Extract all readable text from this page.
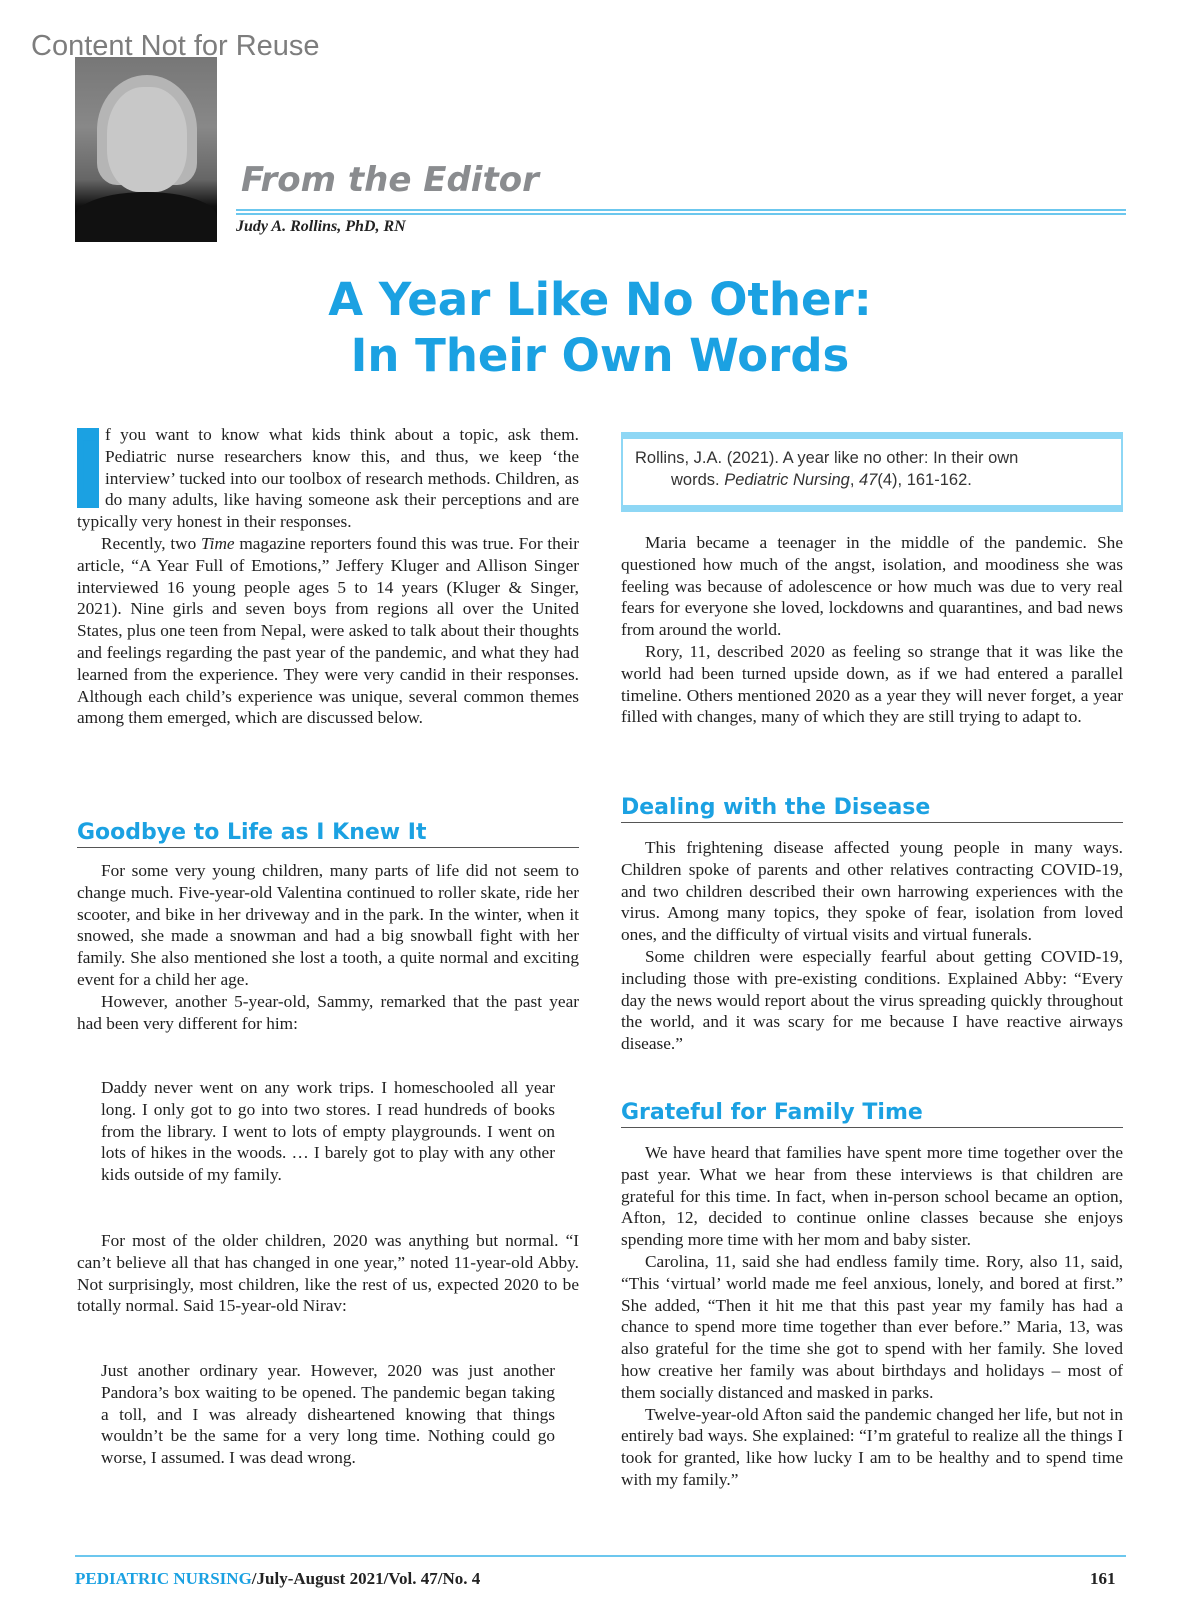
Content Not for Reuse
From the Editor
Judy A. Rollins, PhD, RN
A Year Like No Other:
In Their Own Words
I f you want to know what kids think about a topic, ask them. Pediatric nurse researchers know this, and thus, we keep ‘the interview’ tucked into our toolbox of research methods. Children, as do many adults, like having someone ask their perceptions and are typically very honest in their responses.

Recently, two Time magazine reporters found this was true. For their article, “A Year Full of Emotions,” Jeffery Kluger and Allison Singer interviewed 16 young people ages 5 to 14 years (Kluger & Singer, 2021). Nine girls and seven boys from regions all over the United States, plus one teen from Nepal, were asked to talk about their thoughts and feelings regarding the past year of the pandemic, and what they had learned from the experience. They were very candid in their responses. Although each child’s experience was unique, several common themes among them emerged, which are discussed below.

Goodbye to Life as I Knew It

For some very young children, many parts of life did not seem to change much. Five-year-old Valentina continued to roller skate, ride her scooter, and bike in her driveway and in the park. In the winter, when it snowed, she made a snowman and had a big snowball fight with her family. She also mentioned she lost a tooth, a quite normal and exciting event for a child her age.

However, another 5-year-old, Sammy, remarked that the past year had been very different for him:

Daddy never went on any work trips. I homeschooled all year long. I only got to go into two stores. I read hundreds of books from the library. I went to lots of empty playgrounds. I went on lots of hikes in the woods. … I barely got to play with any other kids outside of my family.

For most of the older children, 2020 was anything but normal. “I can’t believe all that has changed in one year,” noted 11-year-old Abby. Not surprisingly, most children, like the rest of us, expected 2020 to be totally normal. Said 15-year-old Nirav:

Just another ordinary year. However, 2020 was just another Pandora’s box waiting to be opened. The pandemic began taking a toll, and I was already disheartened knowing that things wouldn’t be the same for a very long time. Nothing could go worse, I assumed. I was dead wrong.

Rollins, J.A. (2021). A year like no other: In their own
words. Pediatric Nursing, 47(4), 161-162.

Maria became a teenager in the middle of the pandemic. She questioned how much of the angst, isolation, and moodiness she was feeling was because of adolescence or how much was due to very real fears for everyone she loved, lockdowns and quarantines, and bad news from around the world.

Rory, 11, described 2020 as feeling so strange that it was like the world had been turned upside down, as if we had entered a parallel timeline. Others mentioned 2020 as a year they will never forget, a year filled with changes, many of which they are still trying to adapt to.

Dealing with the Disease

This frightening disease affected young people in many ways. Children spoke of parents and other relatives contracting COVID-19, and two children described their own harrowing experiences with the virus. Among many topics, they spoke of fear, isolation from loved ones, and the difficulty of virtual visits and virtual funerals.

Some children were especially fearful about getting COVID-19, including those with pre-existing conditions. Explained Abby: “Every day the news would report about the virus spreading quickly throughout the world, and it was scary for me because I have reactive airways disease.”

Grateful for Family Time

We have heard that families have spent more time together over the past year. What we hear from these interviews is that children are grateful for this time. In fact, when in-person school became an option, Afton, 12, decided to continue online classes because she enjoys spending more time with her mom and baby sister.

Carolina, 11, said she had endless family time. Rory, also 11, said, “This ‘virtual’ world made me feel anxious, lonely, and bored at first.” She added, “Then it hit me that this past year my family has had a chance to spend more time together than ever before.” Maria, 13, was also grateful for the time she got to spend with her family. She loved how creative her family was about birthdays and holidays – most of them socially distanced and masked in parks.

Twelve-year-old Afton said the pandemic changed her life, but not in entirely bad ways. She explained: “I’m grateful to realize all the things I took for granted, like how lucky I am to be healthy and to spend time with my family.”

PEDIATRIC NURSING/July-August 2021/Vol. 47/No. 4	161
